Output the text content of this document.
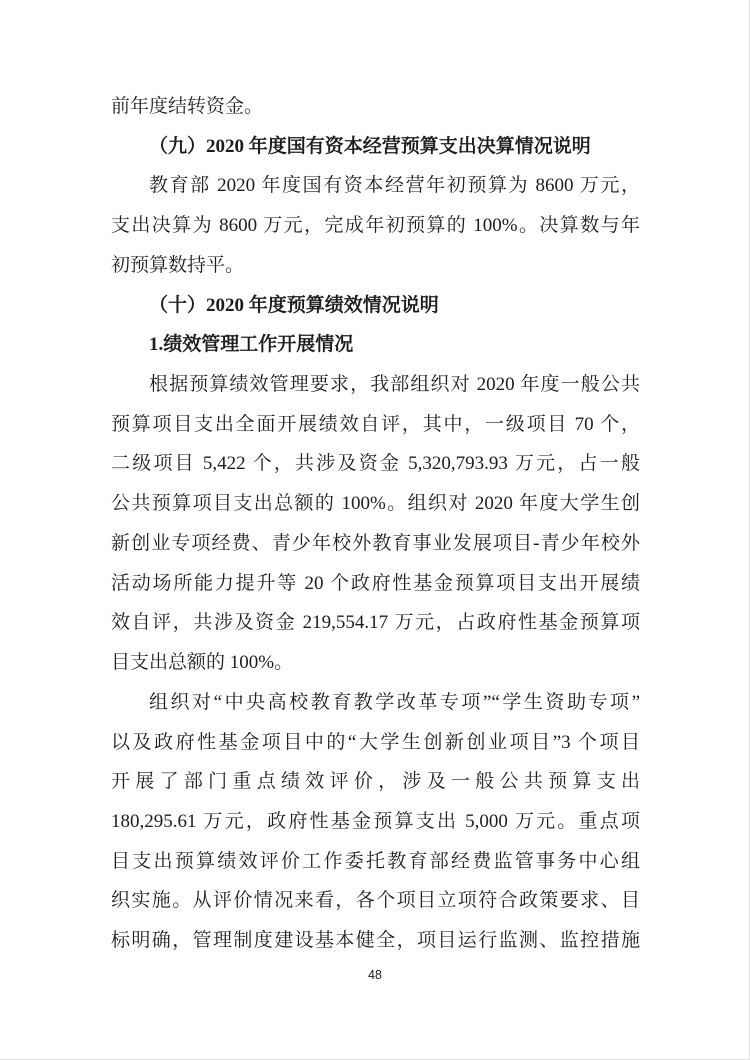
前年度结转资金。
（九）2020 年度国有资本经营预算支出决算情况说明
教育部 2020 年度国有资本经营年初预算为 8600 万元，
支出决算为 8600 万元，完成年初预算的 100%。决算数与年
初预算数持平。
（十）2020 年度预算绩效情况说明
1.绩效管理工作开展情况
根据预算绩效管理要求，我部组织对 2020 年度一般公共
预算项目支出全面开展绩效自评，其中，一级项目 70 个，
二级项目 5,422 个，共涉及资金 5,320,793.93 万元，占一般
公共预算项目支出总额的 100%。组织对 2020 年度大学生创
新创业专项经费、青少年校外教育事业发展项目-青少年校外
活动场所能力提升等 20 个政府性基金预算项目支出开展绩
效自评，共涉及资金 219,554.17 万元，占政府性基金预算项
目支出总额的 100%。
组织对“中央高校教育教学改革专项”“学生资助专项”
以及政府性基金项目中的“大学生创新创业项目”3 个项目
开展了部门重点绩效评价，涉及一般公共预算支出
180,295.61 万元，政府性基金预算支出 5,000 万元。重点项
目支出预算绩效评价工作委托教育部经费监管事务中心组
织实施。从评价情况来看，各个项目立项符合政策要求、目
标明确，管理制度建设基本健全，项目运行监测、监控措施
48
